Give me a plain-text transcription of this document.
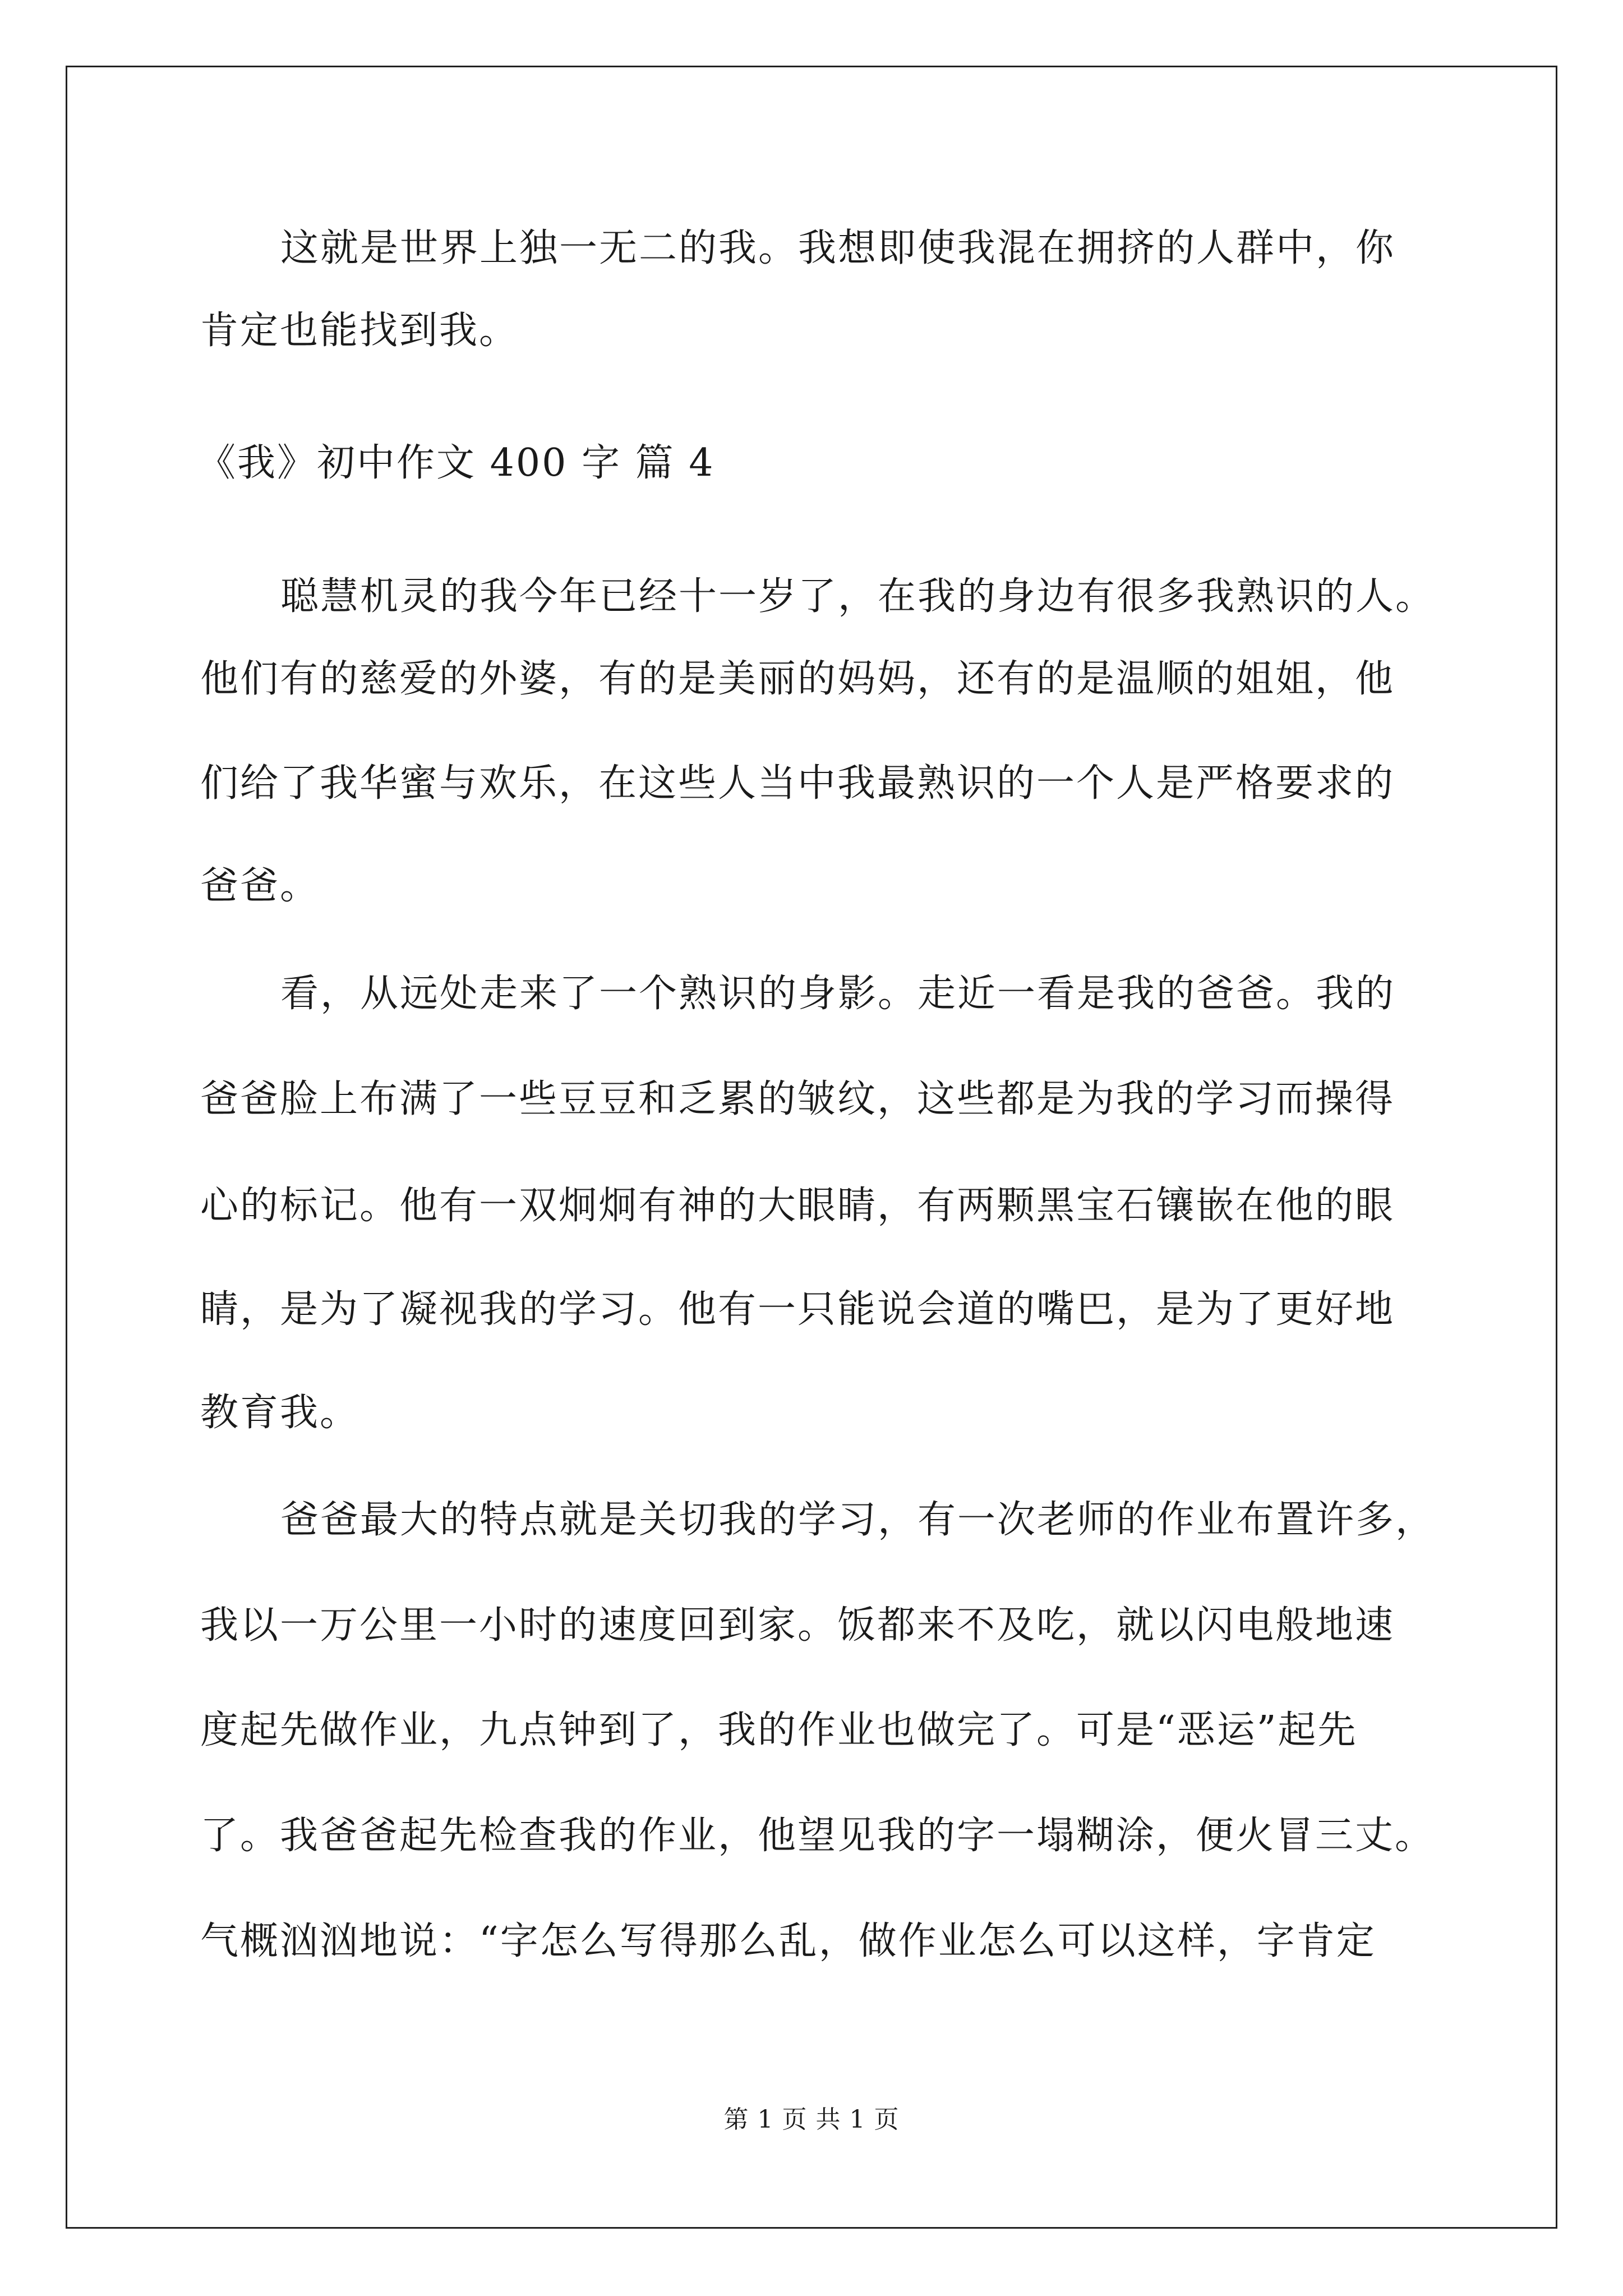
这就是世界上独一无二的我。我想即使我混在拥挤的人群中，你
肯定也能找到我。
《我》初中作文 400 字 篇 4
聪慧机灵的我今年已经十一岁了，在我的身边有很多我熟识的人。
他们有的慈爱的外婆，有的是美丽的妈妈，还有的是温顺的姐姐，他
们给了我华蜜与欢乐，在这些人当中我最熟识的一个人是严格要求的
爸爸。
看，从远处走来了一个熟识的身影。走近一看是我的爸爸。我的
爸爸脸上布满了一些豆豆和乏累的皱纹，这些都是为我的学习而操得
心的标记。他有一双炯炯有神的大眼睛，有两颗黑宝石镶嵌在他的眼
睛，是为了凝视我的学习。他有一只能说会道的嘴巴，是为了更好地
教育我。
爸爸最大的特点就是关切我的学习，有一次老师的作业布置许多，
我以一万公里一小时的速度回到家。饭都来不及吃，就以闪电般地速
度起先做作业，九点钟到了，我的作业也做完了。可是“恶运”起先
了。我爸爸起先检查我的作业，他望见我的字一塌糊涂，便火冒三丈。
气概汹汹地说：“字怎么写得那么乱，做作业怎么可以这样，字肯定
第 1 页 共 1 页
